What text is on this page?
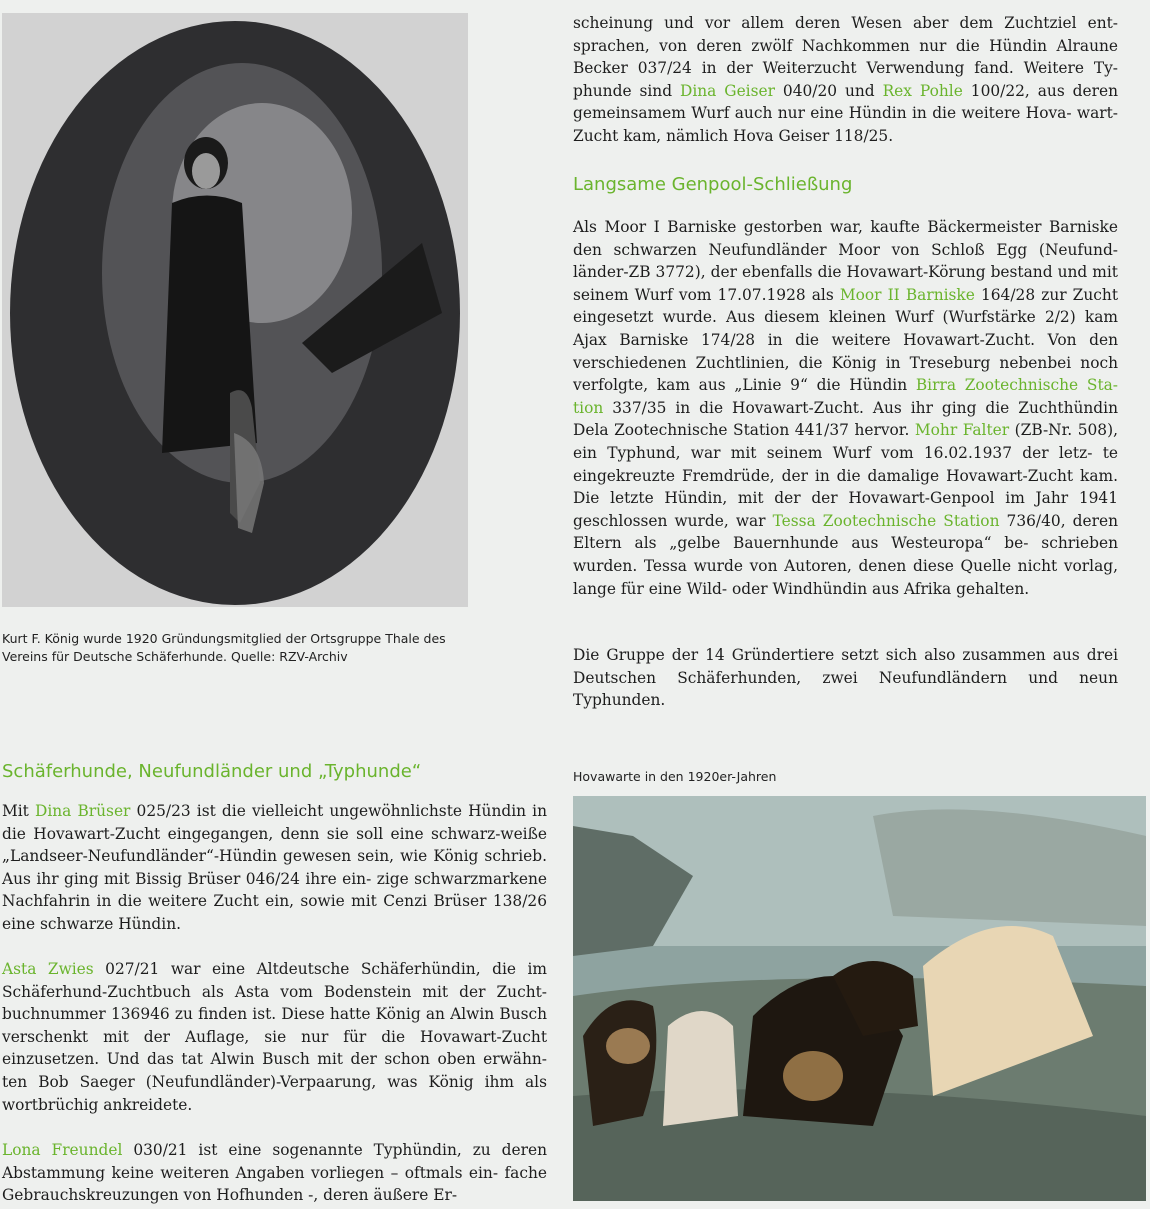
Kurt F. König wurde 1920 Gründungsmitglied der Ortsgruppe Thale des Vereins für Deutsche Schäferhunde. Quelle: RZV-Archiv

scheinung und vor allem deren Wesen aber dem Zuchtziel ent- sprachen, von deren zwölf Nachkommen nur die Hündin Alraune Becker 037/24 in der Weiterzucht Verwendung fand. Weitere Ty- phunde sind Dina Geiser 040/20 und Rex Pohle 100/22, aus deren gemeinsamem Wurf auch nur eine Hündin in die weitere Hova- wart-Zucht kam, nämlich Hova Geiser 118/25.

Langsame Genpool-Schließung

Als Moor I Barniske gestorben war, kaufte Bäckermeister Barniske den schwarzen Neufundländer Moor von Schloß Egg (Neufund- länder-ZB 3772), der ebenfalls die Hovawart-Körung bestand und mit seinem Wurf vom 17.07.1928 als Moor II Barniske 164/28 zur Zucht eingesetzt wurde. Aus diesem kleinen Wurf (Wurfstärke 2/2) kam Ajax Barniske 174/28 in die weitere Hovawart-Zucht. Von den verschiedenen Zuchtlinien, die König in Treseburg nebenbei noch verfolgte, kam aus „Linie 9“ die Hündin Birra Zootechnische Sta- tion 337/35 in die Hovawart-Zucht. Aus ihr ging die Zuchthündin Dela Zootechnische Station 441/37 hervor. Mohr Falter (ZB-Nr. 508), ein Typhund, war mit seinem Wurf vom 16.02.1937 der letz- te eingekreuzte Fremdrüde, der in die damalige Hovawart-Zucht kam. Die letzte Hündin, mit der der Hovawart-Genpool im Jahr 1941 geschlossen wurde, war Tessa Zootechnische Station 736/40, deren Eltern als „gelbe Bauernhunde aus Westeuropa“ be- schrieben wurden. Tessa wurde von Autoren, denen diese Quelle nicht vorlag, lange für eine Wild- oder Windhündin aus Afrika gehalten.

Die Gruppe der 14 Gründertiere setzt sich also zusammen aus drei Deutschen Schäferhunden, zwei Neufundländern und neun Typhunden.

Schäferhunde, Neufundländer und „Typhunde“

Mit Dina Brüser 025/23 ist die vielleicht ungewöhnlichste Hündin in die Hovawart-Zucht eingegangen, denn sie soll eine schwarz-weiße „Landseer-Neufundländer“-Hündin gewesen sein, wie König schrieb. Aus ihr ging mit Bissig Brüser 046/24 ihre ein- zige schwarzmarkene Nachfahrin in die weitere Zucht ein, sowie mit Cenzi Brüser 138/26 eine schwarze Hündin.

Asta Zwies 027/21 war eine Altdeutsche Schäferhündin, die im Schäferhund-Zuchtbuch als Asta vom Bodenstein mit der Zucht- buchnummer 136946 zu finden ist. Diese hatte König an Alwin Busch verschenkt mit der Auflage, sie nur für die Hovawart-Zucht einzusetzen. Und das tat Alwin Busch mit der schon oben erwähn- ten Bob Saeger (Neufundländer)-Verpaarung, was König ihm als wortbrüchig ankreidete.

Lona Freundel 030/21 ist eine sogenannte Typhündin, zu deren Abstammung keine weiteren Angaben vorliegen – oftmals ein- fache Gebrauchskreuzungen von Hofhunden -, deren äußere Er-

Hovawarte in den 1920er-Jahren
